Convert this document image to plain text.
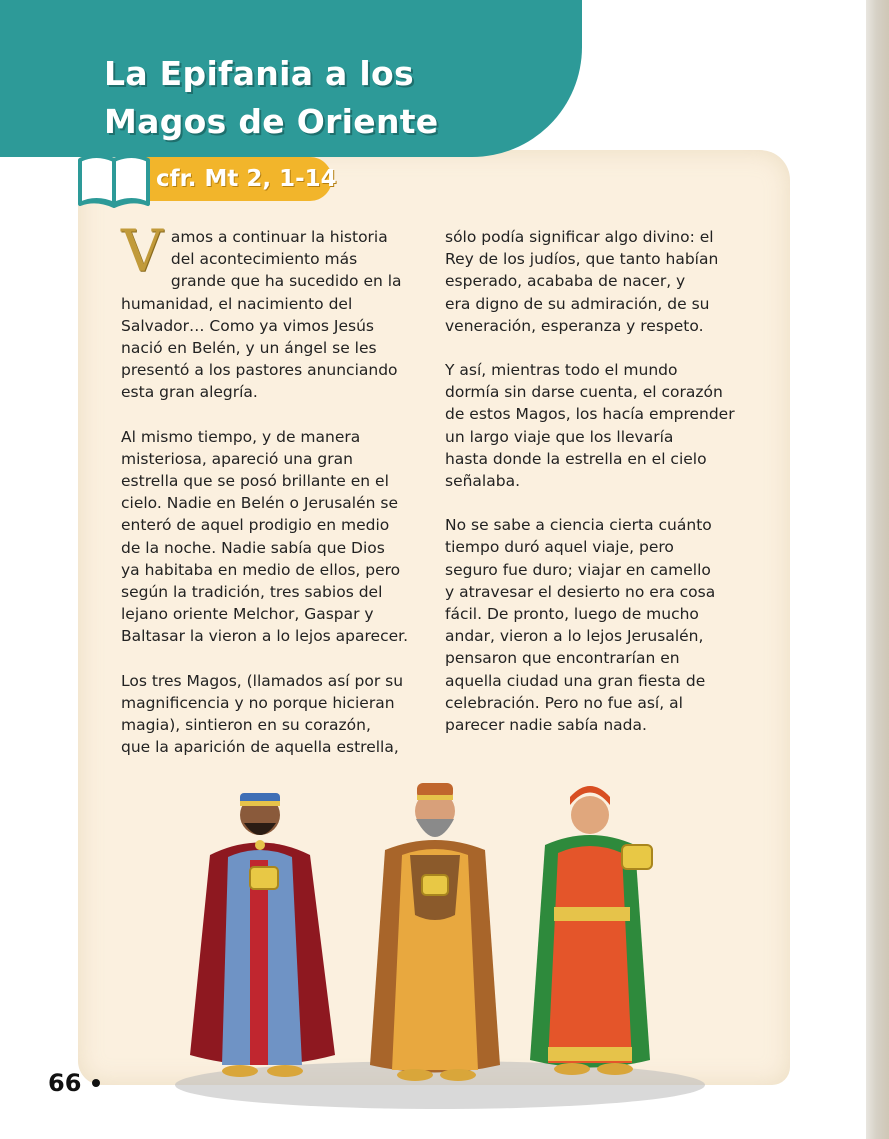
La Epifania a los
Magos de Oriente
cfr. Mt 2, 1-14

Vamos a continuar la historia
del acontecimiento más
grande que ha sucedido en la
humanidad, el nacimiento del
Salvador… Como ya vimos Jesús
nació en Belén, y un ángel se les
presentó a los pastores anunciando
esta gran alegría.

Al mismo tiempo, y de manera
misteriosa, apareció una gran
estrella que se posó brillante en el
cielo. Nadie en Belén o Jerusalén se
enteró de aquel prodigio en medio
de la noche. Nadie sabía que Dios
ya habitaba en medio de ellos, pero
según la tradición, tres sabios del
lejano oriente Melchor, Gaspar y
Baltasar la vieron a lo lejos aparecer.

Los tres Magos, (llamados así por su
magnificencia y no porque hicieran
magia), sintieron en su corazón,
que la aparición de aquella estrella,

sólo podía significar algo divino: el
Rey de los judíos, que tanto habían
esperado, acababa de nacer, y
era digno de su admiración, de su
veneración, esperanza y respeto.

Y así, mientras todo el mundo
dormía sin darse cuenta, el corazón
de estos Magos, los hacía emprender
un largo viaje que los llevaría
hasta donde la estrella en el cielo
señalaba.

No se sabe a ciencia cierta cuánto
tiempo duró aquel viaje, pero
seguro fue duro; viajar en camello
y atravesar el desierto no era cosa
fácil. De pronto, luego de mucho
andar, vieron a lo lejos Jerusalén,
pensaron que encontrarían en
aquella ciudad una gran fiesta de
celebración. Pero no fue así, al
parecer nadie sabía nada.

66
